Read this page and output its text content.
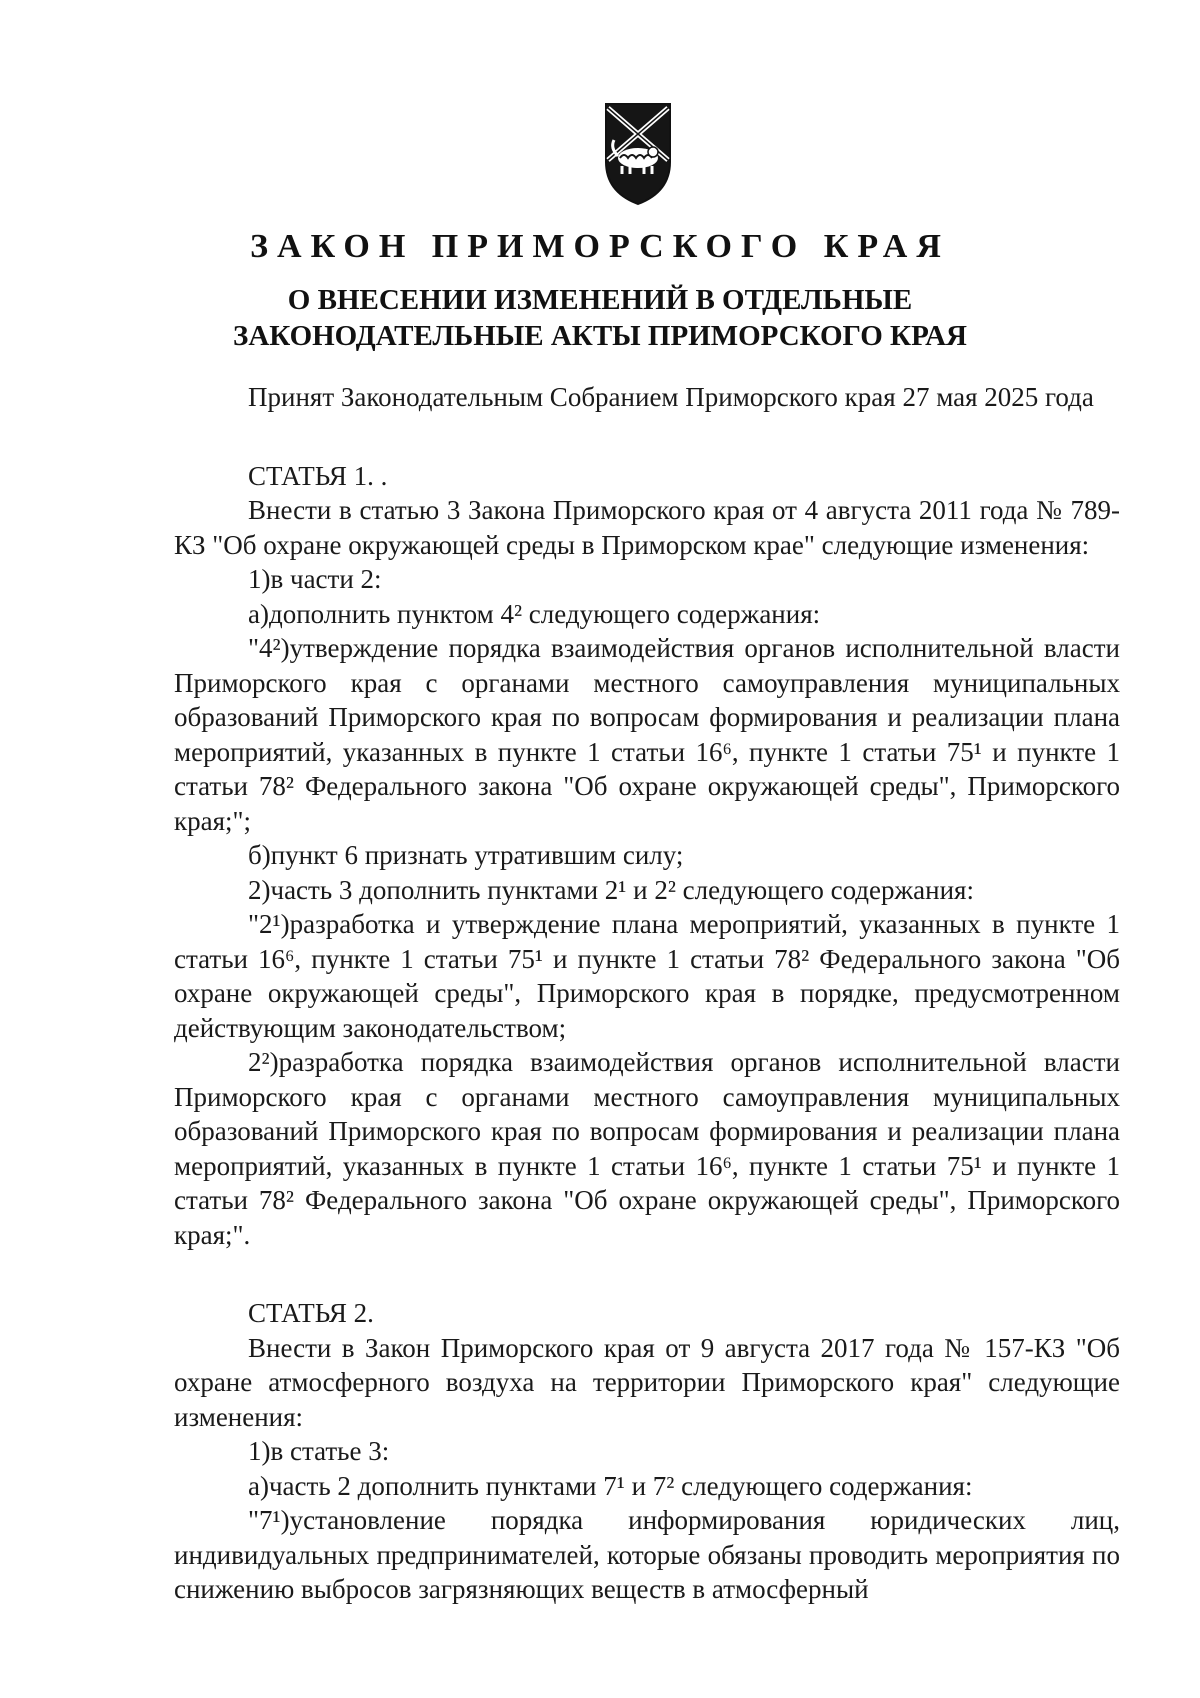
ЗАКОН ПРИМОРСКОГО КРАЯ
О ВНЕСЕНИИ ИЗМЕНЕНИЙ В ОТДЕЛЬНЫЕ
ЗАКОНОДАТЕЛЬНЫЕ АКТЫ ПРИМОРСКОГО КРАЯ

Принят Законодательным Собранием Приморского края 27 мая 2025 года

СТАТЬЯ 1. .

Внести в статью 3 Закона Приморского края от 4 августа 2011 года № 789-КЗ "Об охране окружающей среды в Приморском крае" следующие изменения:

1)в части 2:

а)дополнить пунктом 4² следующего содержания:

"4²)утверждение порядка взаимодействия органов исполнительной власти Приморского края с органами местного самоуправления муниципальных образований Приморского края по вопросам формирования и реализации плана мероприятий, указанных в пункте 1 статьи 16⁶, пункте 1 статьи 75¹ и пункте 1 статьи 78² Федерального закона "Об охране окружающей среды", Приморского края;";

б)пункт 6 признать утратившим силу;

2)часть 3 дополнить пунктами 2¹ и 2² следующего содержания:

"2¹)разработка и утверждение плана мероприятий, указанных в пункте 1 статьи 16⁶, пункте 1 статьи 75¹ и пункте 1 статьи 78² Федерального закона "Об охране окружающей среды", Приморского края в порядке, предусмотренном действующим законодательством;

2²)разработка порядка взаимодействия органов исполнительной власти Приморского края с органами местного самоуправления муниципальных образований Приморского края по вопросам формирования и реализации плана мероприятий, указанных в пункте 1 статьи 16⁶, пункте 1 статьи 75¹ и пункте 1 статьи 78² Федерального закона "Об охране окружающей среды", Приморского края;".

СТАТЬЯ 2.

Внести в Закон Приморского края от 9 августа 2017 года № 157-КЗ "Об охране атмосферного воздуха на территории Приморского края" следующие изменения:

1)в статье 3:

а)часть 2 дополнить пунктами 7¹ и 7² следующего содержания:

"7¹)установление порядка информирования юридических лиц, индивидуальных предпринимателей, которые обязаны проводить мероприятия по снижению выбросов загрязняющих веществ в атмосферный
